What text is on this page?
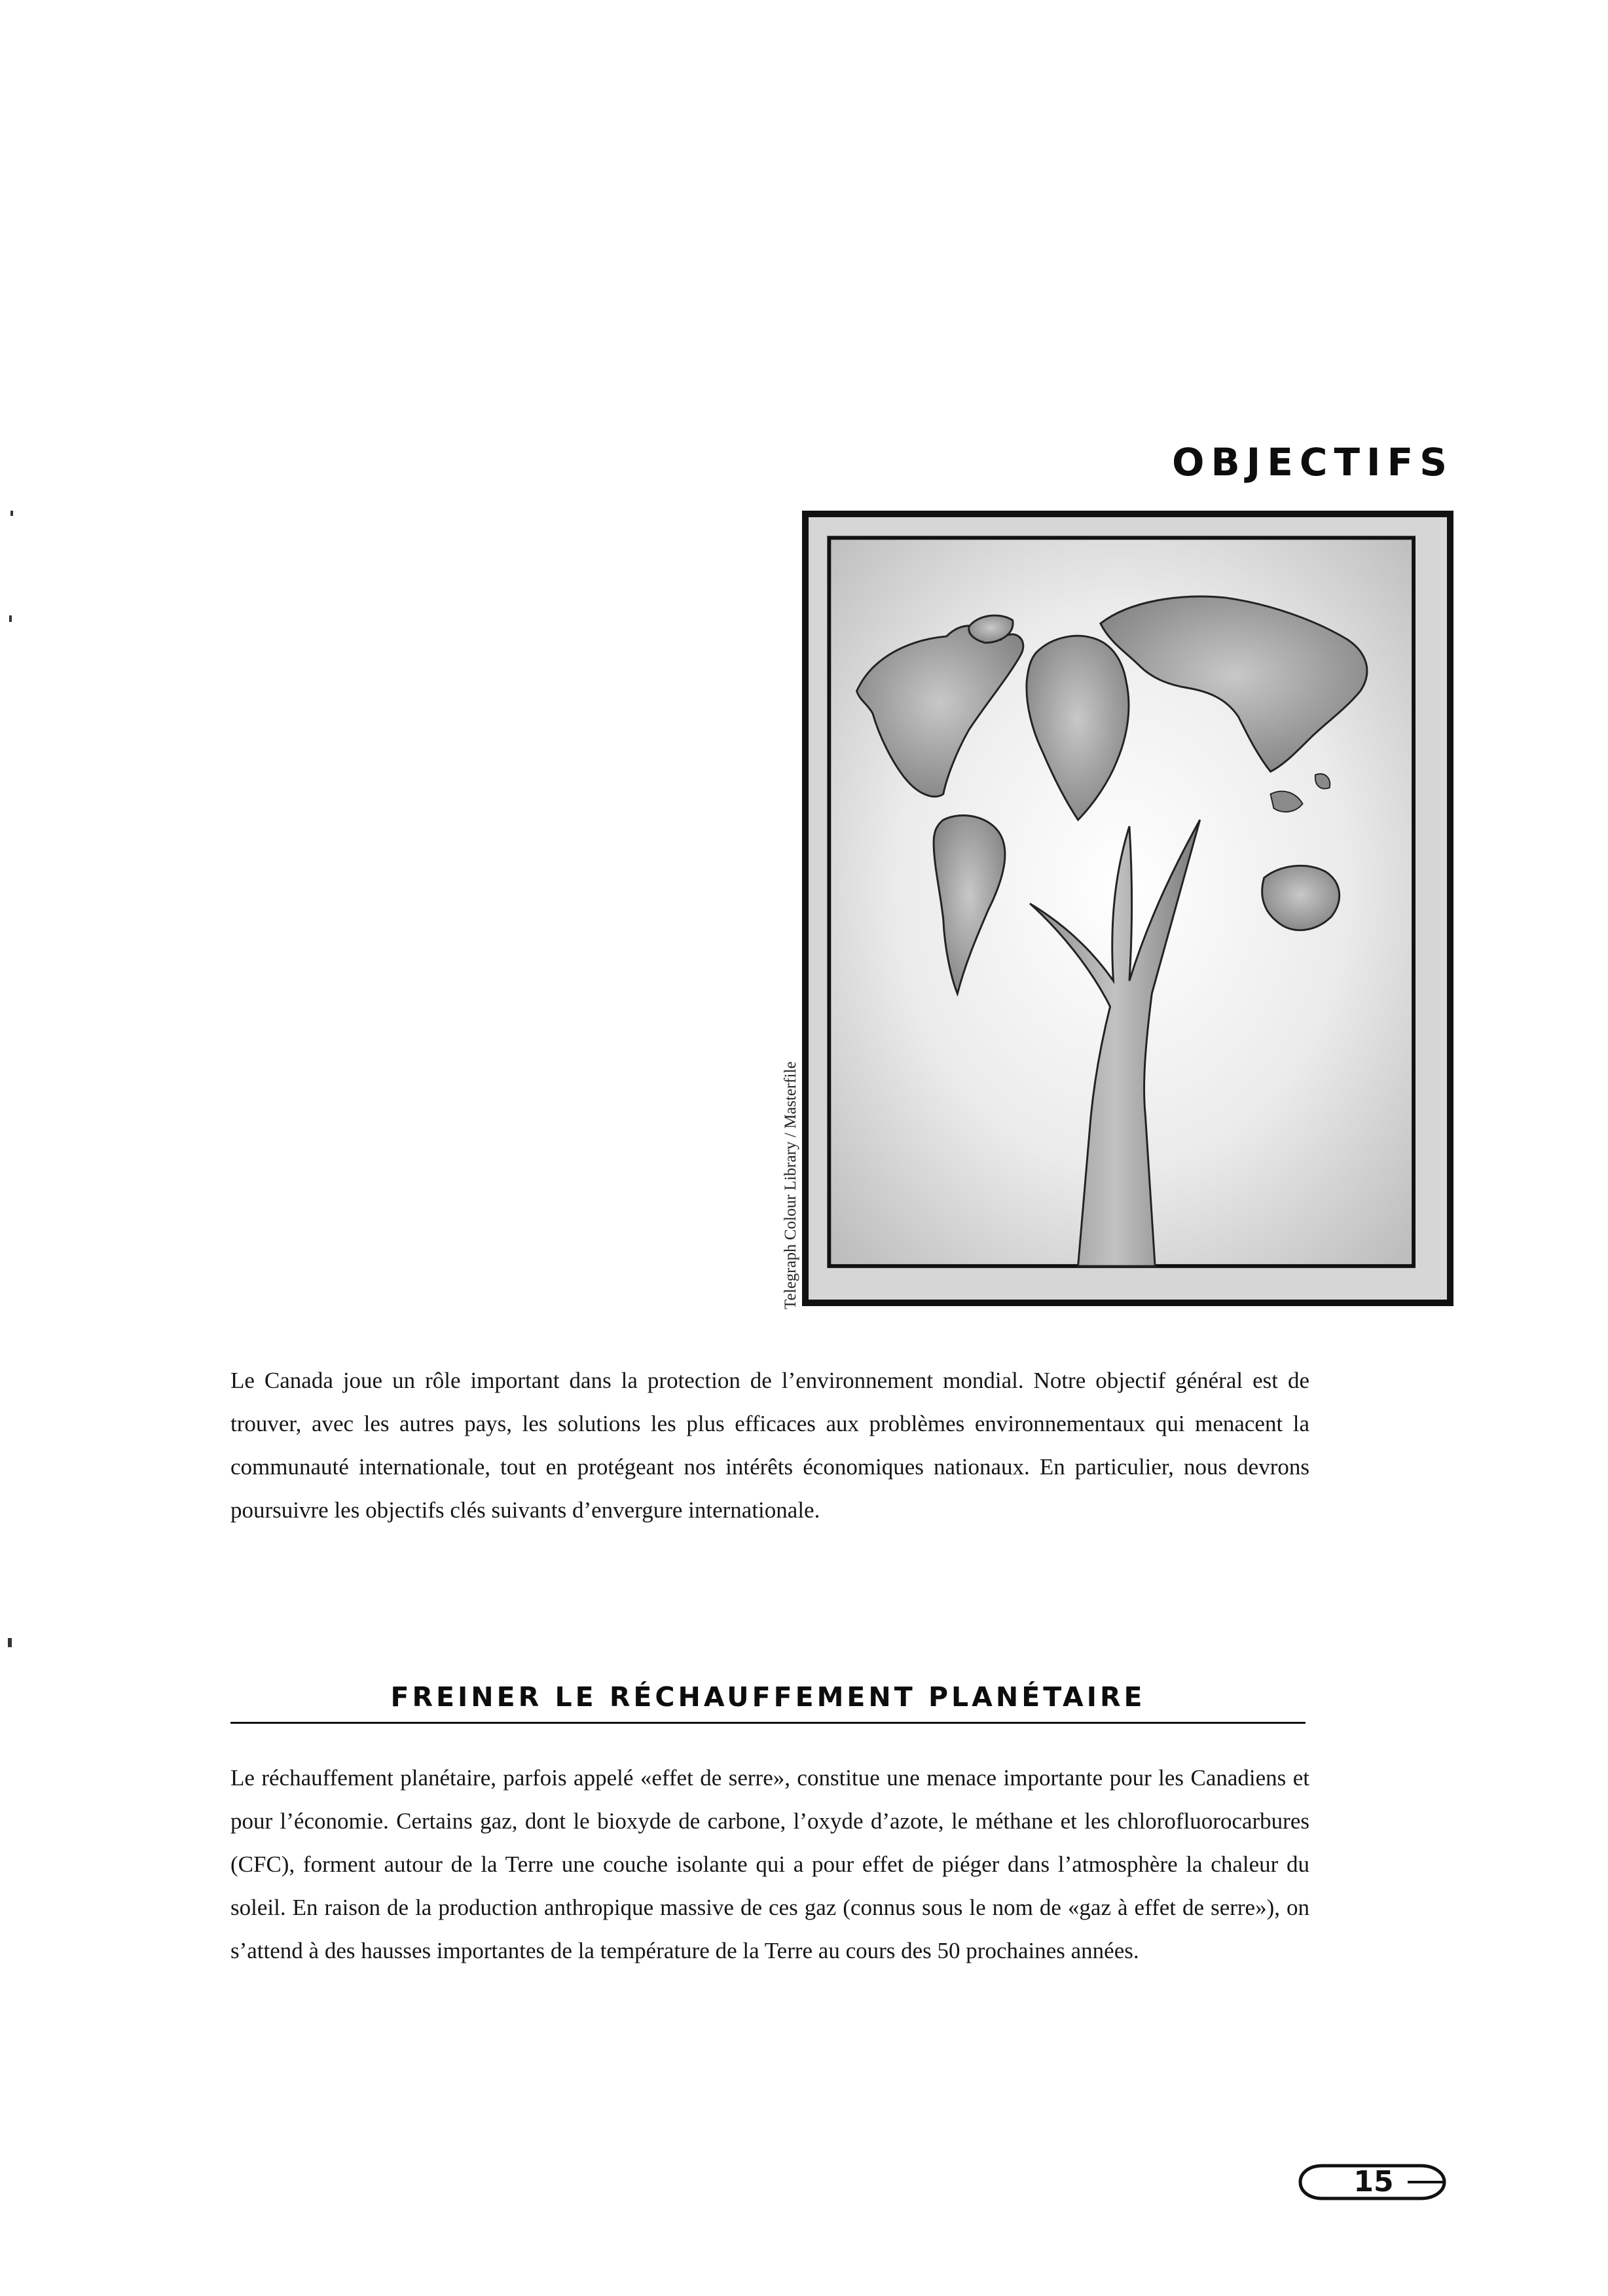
OBJECTIFS
Telegraph Colour Library / Masterfile

Le Canada joue un rôle important dans la protection de l’environnement mondial. Notre objectif général est de trouver, avec les autres pays, les solutions les plus efficaces aux problèmes environnementaux qui menacent la communauté internationale, tout en protégeant nos intérêts économiques nationaux. En particulier, nous devrons poursuivre les objectifs clés suivants d’envergure internationale.

FREINER LE RÉCHAUFFEMENT PLANÉTAIRE

Le réchauffement planétaire, parfois appelé «effet de serre», constitue une menace importante pour les Canadiens et pour l’économie. Certains gaz, dont le bioxyde de carbone, l’oxyde d’azote, le méthane et les chlorofluorocarbures (CFC), forment autour de la Terre une couche isolante qui a pour effet de piéger dans l’atmosphère la chaleur du soleil. En raison de la production anthropique massive de ces gaz (connus sous le nom de «gaz à effet de serre»), on s’attend à des hausses importantes de la température de la Terre au cours des 50 prochaines années.

15
